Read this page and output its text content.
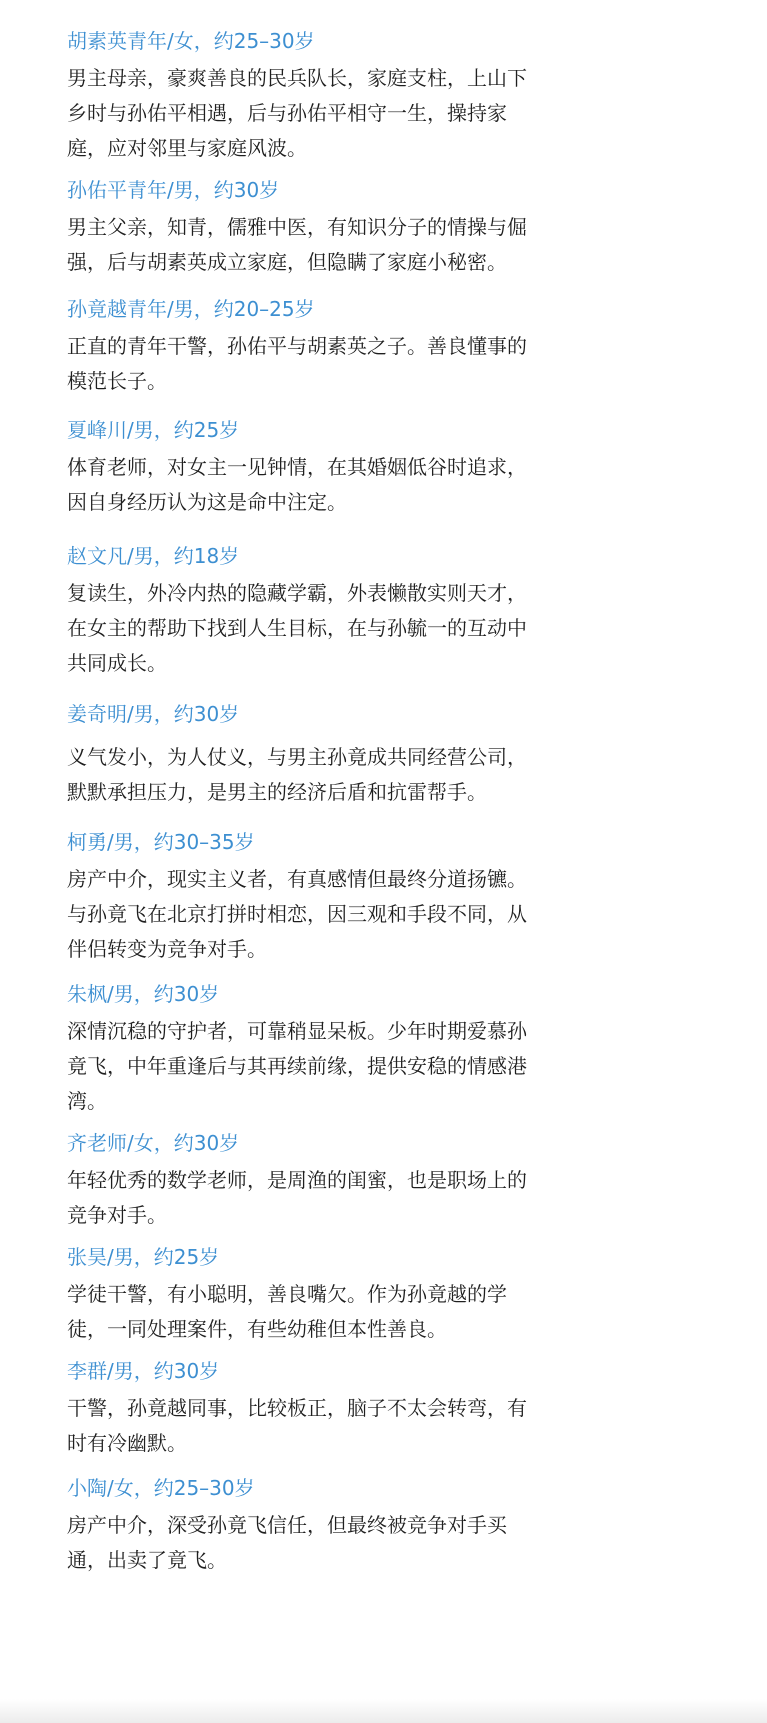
胡素英青年/女，约25–30岁
男主母亲，豪爽善良的民兵队长，家庭支柱，上山下
乡时与孙佑平相遇，后与孙佑平相守一生，操持家
庭，应对邻里与家庭风波。
孙佑平青年/男，约30岁
男主父亲，知青，儒雅中医，有知识分子的情操与倔
强，后与胡素英成立家庭，但隐瞒了家庭小秘密。
孙竟越青年/男，约20–25岁
正直的青年干警，孙佑平与胡素英之子。善良懂事的
模范长子。
夏峰川/男，约25岁
体育老师，对女主一见钟情，在其婚姻低谷时追求，
因自身经历认为这是命中注定。
赵文凡/男，约18岁
复读生，外冷内热的隐藏学霸，外表懒散实则天才，
在女主的帮助下找到人生目标，在与孙毓一的互动中
共同成长。
姜奇明/男，约30岁
义气发小，为人仗义，与男主孙竟成共同经营公司，
默默承担压力，是男主的经济后盾和抗雷帮手。
柯勇/男，约30–35岁
房产中介，现实主义者，有真感情但最终分道扬镳。
与孙竟飞在北京打拼时相恋，因三观和手段不同，从
伴侣转变为竞争对手。
朱枫/男，约30岁
深情沉稳的守护者，可靠稍显呆板。少年时期爱慕孙
竟飞，中年重逢后与其再续前缘，提供安稳的情感港
湾。
齐老师/女，约30岁
年轻优秀的数学老师，是周渔的闺蜜，也是职场上的
竞争对手。
张昊/男，约25岁
学徒干警，有小聪明，善良嘴欠。作为孙竟越的学
徒，一同处理案件，有些幼稚但本性善良。
李群/男，约30岁
干警，孙竟越同事，比较板正，脑子不太会转弯，有
时有冷幽默。
小陶/女，约25–30岁
房产中介，深受孙竟飞信任，但最终被竞争对手买
通，出卖了竟飞。
